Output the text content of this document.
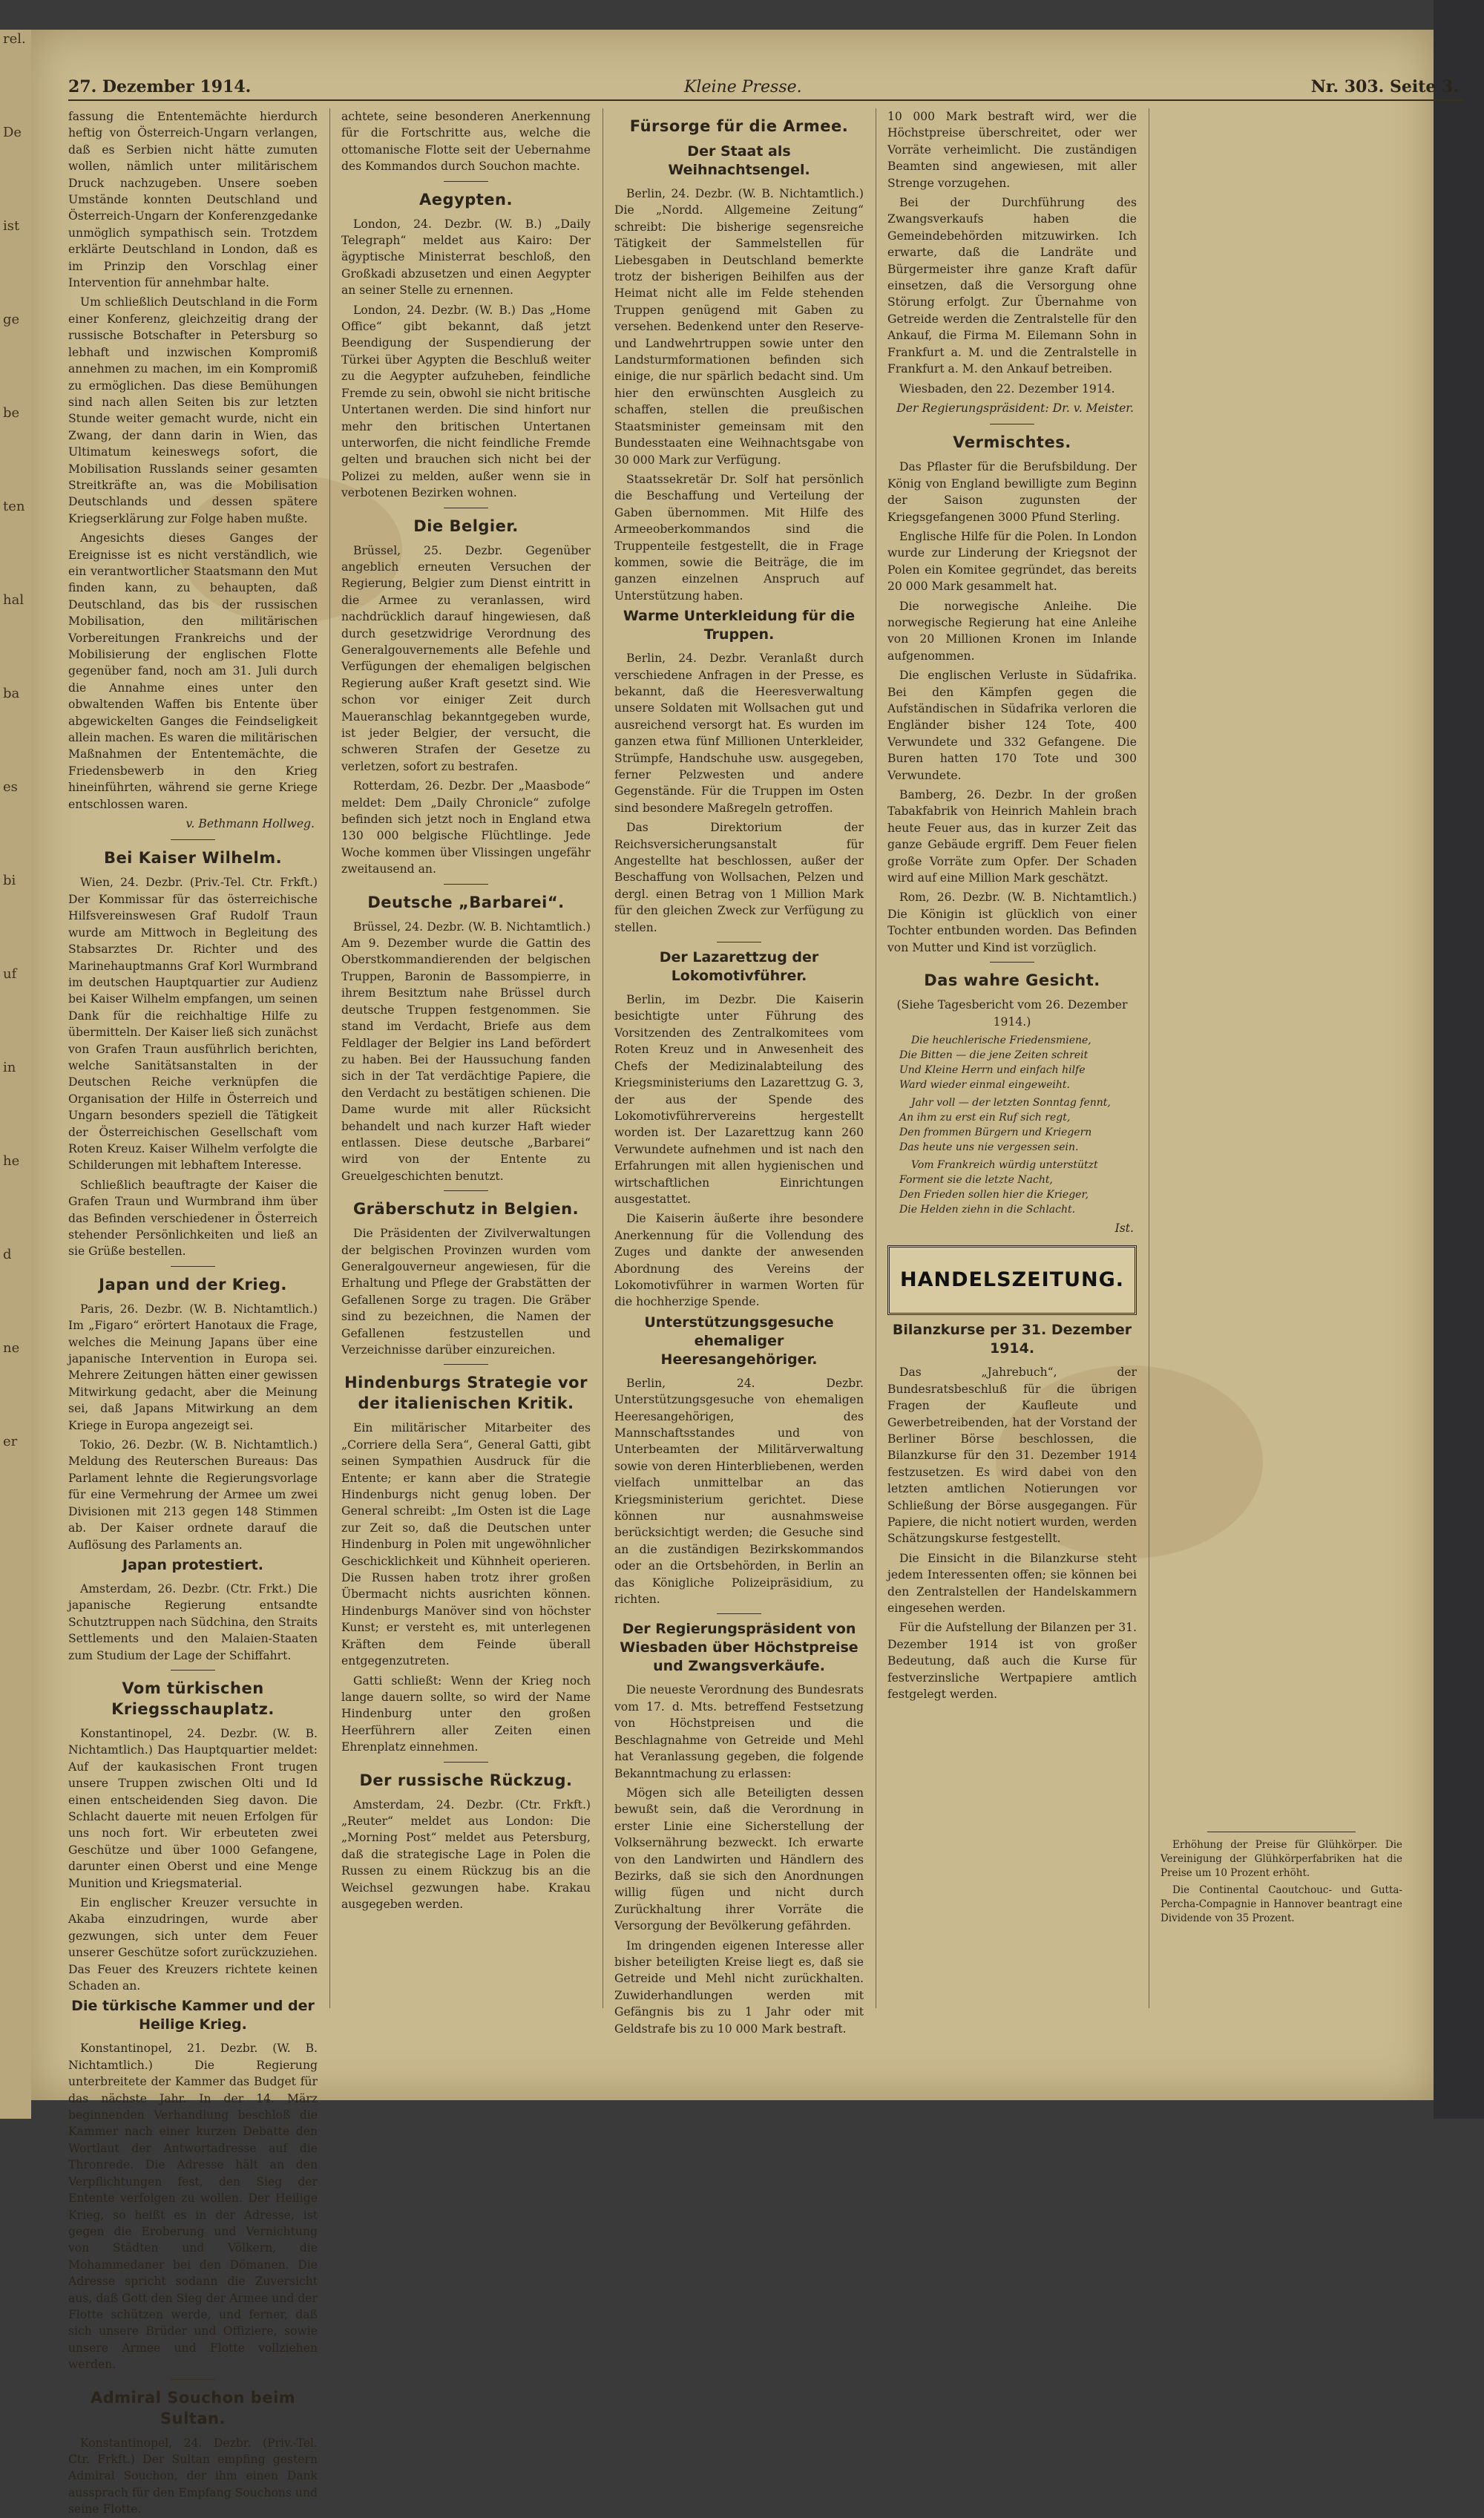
rel.
De
ist
ge
be
ten
hal
ba
es
bi
uf
in
he
d
ne
er
27. Dezember 1914.	Kleine Presse.	Nr. 303. Seite 3.

fassung die Ententemächte hierdurch heftig von Österreich-Ungarn verlangen, daß es Serbien nicht hätte zumuten wollen, nämlich unter militärischem Druck nachzugeben. Unsere soeben Umstände konnten Deutschland und Österreich-Ungarn der Konferenzgedanke unmöglich sympathisch sein. Trotzdem erklärte Deutschland in London, daß es im Prinzip den Vorschlag einer Intervention für annehmbar halte.

Um schließlich Deutschland in die Form einer Konferenz, gleichzeitig drang der russische Botschafter in Petersburg so lebhaft und inzwischen Kompromiß annehmen zu machen, im ein Kompromiß zu ermöglichen. Das diese Bemühungen sind nach allen Seiten bis zur letzten Stunde weiter gemacht wurde, nicht ein Zwang, der dann darin in Wien, das Ultimatum keineswegs sofort, die Mobilisation Russlands seiner gesamten Streitkräfte an, was die Mobilisation Deutschlands und dessen spätere Kriegserklärung zur Folge haben mußte.

Angesichts dieses Ganges der Ereignisse ist es nicht verständlich, wie ein verantwortlicher Staatsmann den Mut finden kann, zu behaupten, daß Deutschland, das bis der russischen Mobilisation, den militärischen Vorbereitungen Frankreichs und der Mobilisierung der englischen Flotte gegenüber fand, noch am 31. Juli durch die Annahme eines unter den obwaltenden Waffen bis Entente über abgewickelten Ganges die Feindseligkeit allein machen. Es waren die militärischen Maßnahmen der Ententemächte, die Friedensbewerb in den Krieg hineinführten, während sie gerne Kriege entschlossen waren.

v. Bethmann Hollweg.
Bei Kaiser Wilhelm.

Wien, 24. Dezbr. (Priv.-Tel. Ctr. Frkft.) Der Kommissar für das österreichische Hilfsvereinswesen Graf Rudolf Traun wurde am Mittwoch in Begleitung des Stabsarztes Dr. Richter und des Marinehauptmanns Graf Korl Wurmbrand im deutschen Hauptquartier zur Audienz bei Kaiser Wilhelm empfangen, um seinen Dank für die reichhaltige Hilfe zu übermitteln. Der Kaiser ließ sich zunächst von Grafen Traun ausführlich berichten, welche Sanitätsanstalten in der Deutschen Reiche verknüpfen die Organisation der Hilfe in Österreich und Ungarn besonders speziell die Tätigkeit der Österreichischen Gesellschaft vom Roten Kreuz. Kaiser Wilhelm verfolgte die Schilderungen mit lebhaftem Interesse.

Schließlich beauftragte der Kaiser die Grafen Traun und Wurmbrand ihm über das Befinden verschiedener in Österreich stehender Persönlichkeiten und ließ an sie Grüße bestellen.

Japan und der Krieg.

Paris, 26. Dezbr. (W. B. Nichtamtlich.) Im „Figaro“ erörtert Hanotaux die Frage, welches die Meinung Japans über eine japanische Intervention in Europa sei. Mehrere Zeitungen hätten einer gewissen Mitwirkung gedacht, aber die Meinung sei, daß Japans Mitwirkung an dem Kriege in Europa angezeigt sei.

Tokio, 26. Dezbr. (W. B. Nichtamtlich.) Meldung des Reuterschen Bureaus: Das Parlament lehnte die Regierungsvorlage für eine Vermehrung der Armee um zwei Divisionen mit 213 gegen 148 Stimmen ab. Der Kaiser ordnete darauf die Auflösung des Parlaments an.

Japan protestiert.

Amsterdam, 26. Dezbr. (Ctr. Frkt.) Die japanische Regierung entsandte Schutztruppen nach Südchina, den Straits Settlements und den Malaien-Staaten zum Studium der Lage der Schiffahrt.

Vom türkischen Kriegsschauplatz.

Konstantinopel, 24. Dezbr. (W. B. Nichtamtlich.) Das Hauptquartier meldet: Auf der kaukasischen Front trugen unsere Truppen zwischen Olti und Id einen entscheidenden Sieg davon. Die Schlacht dauerte mit neuen Erfolgen für uns noch fort. Wir erbeuteten zwei Geschütze und über 1000 Gefangene, darunter einen Oberst und eine Menge Munition und Kriegsmaterial.

Ein englischer Kreuzer versuchte in Akaba einzudringen, wurde aber gezwungen, sich unter dem Feuer unserer Geschütze sofort zurückzuziehen. Das Feuer des Kreuzers richtete keinen Schaden an.

Die türkische Kammer und der Heilige Krieg.

Konstantinopel, 21. Dezbr. (W. B. Nichtamtlich.) Die Regierung unterbreitete der Kammer das Budget für das nächste Jahr. In der 14. März beginnenden Verhandlung beschloß die Kammer nach einer kurzen Debatte den Wortlaut der Antwortadresse auf die Thronrede. Die Adresse hält an den Verpflichtungen fest, den Sieg der Entente verfolgen zu wollen. Der Heilige Krieg, so heißt es in der Adresse, ist gegen die Eroberung und Vernichtung von Städten und Völkern, die Mohammedaner bei den Dömanen. Die Adresse spricht sodann die Zuversicht aus, daß Gott den Sieg der Armee und der Flotte schützen werde, und ferner, daß sich unsere Brüder und Offiziere, sowie unsere Armee und Flotte vollziehen werden.

Admiral Souchon beim Sultan.

Konstantinopel, 24. Dezbr. (Priv.-Tel. Ctr. Frkft.) Der Sultan empfing gestern Admiral Souchon, der ihm einen Dank aussprach für den Empfang Souchons und seine Flotte.

achtete, seine besonderen Anerkennung für die Fortschritte aus, welche die ottomanische Flotte seit der Uebernahme des Kommandos durch Souchon machte.

Aegypten.

London, 24. Dezbr. (W. B.) „Daily Telegraph“ meldet aus Kairo: Der ägyptische Ministerrat beschloß, den Großkadi abzusetzen und einen Aegypter an seiner Stelle zu ernennen.

London, 24. Dezbr. (W. B.) Das „Home Office“ gibt bekannt, daß jetzt Beendigung der Suspendierung der Türkei über Agypten die Beschluß weiter zu die Aegypter aufzuheben, feindliche Fremde zu sein, obwohl sie nicht britische Untertanen werden. Die sind hinfort nur mehr den britischen Untertanen unterworfen, die nicht feindliche Fremde gelten und brauchen sich nicht bei der Polizei zu melden, außer wenn sie in verbotenen Bezirken wohnen.

Die Belgier.

Brüssel, 25. Dezbr. Gegenüber angeblich erneuten Versuchen der Regierung, Belgier zum Dienst eintritt in die Armee zu veranlassen, wird nachdrücklich darauf hingewiesen, daß durch gesetzwidrige Verordnung des Generalgouvernements alle Befehle und Verfügungen der ehemaligen belgischen Regierung außer Kraft gesetzt sind. Wie schon vor einiger Zeit durch Maueranschlag bekanntgegeben wurde, ist jeder Belgier, der versucht, die schweren Strafen der Gesetze zu verletzen, sofort zu bestrafen.

Rotterdam, 26. Dezbr. Der „Maasbode“ meldet: Dem „Daily Chronicle“ zufolge befinden sich jetzt noch in England etwa 130 000 belgische Flüchtlinge. Jede Woche kommen über Vlissingen ungefähr zweitausend an.

Deutsche „Barbarei“.

Brüssel, 24. Dezbr. (W. B. Nichtamtlich.) Am 9. Dezember wurde die Gattin des Oberstkommandierenden der belgischen Truppen, Baronin de Bassompierre, in ihrem Besitztum nahe Brüssel durch deutsche Truppen festgenommen. Sie stand im Verdacht, Briefe aus dem Feldlager der Belgier ins Land befördert zu haben. Bei der Haussuchung fanden sich in der Tat verdächtige Papiere, die den Verdacht zu bestätigen schienen. Die Dame wurde mit aller Rücksicht behandelt und nach kurzer Haft wieder entlassen. Diese deutsche „Barbarei“ wird von der Entente zu Greuelgeschichten benutzt.

Gräberschutz in Belgien.

Die Präsidenten der Zivilverwaltungen der belgischen Provinzen wurden vom Generalgouverneur angewiesen, für die Erhaltung und Pflege der Grabstätten der Gefallenen Sorge zu tragen. Die Gräber sind zu bezeichnen, die Namen der Gefallenen festzustellen und Verzeichnisse darüber einzureichen.

Hindenburgs Strategie vor der italienischen Kritik.

Ein militärischer Mitarbeiter des „Corriere della Sera“, General Gatti, gibt seinen Sympathien Ausdruck für die Entente; er kann aber die Strategie Hindenburgs nicht genug loben. Der General schreibt: „Im Osten ist die Lage zur Zeit so, daß die Deutschen unter Hindenburg in Polen mit ungewöhnlicher Geschicklichkeit und Kühnheit operieren. Die Russen haben trotz ihrer großen Übermacht nichts ausrichten können. Hindenburgs Manöver sind von höchster Kunst; er versteht es, mit unterlegenen Kräften dem Feinde überall entgegenzutreten.

Gatti schließt: Wenn der Krieg noch lange dauern sollte, so wird der Name Hindenburg unter den großen Heerführern aller Zeiten einen Ehrenplatz einnehmen.

Der russische Rückzug.

Amsterdam, 24. Dezbr. (Ctr. Frkft.) „Reuter“ meldet aus London: Die „Morning Post“ meldet aus Petersburg, daß die strategische Lage in Polen die Russen zu einem Rückzug bis an die Weichsel gezwungen habe. Krakau ausgegeben werden.

Fürsorge für die Armee.
Der Staat als Weihnachtsengel.

Berlin, 24. Dezbr. (W. B. Nichtamtlich.) Die „Nordd. Allgemeine Zeitung“ schreibt: Die bisherige segensreiche Tätigkeit der Sammelstellen für Liebesgaben in Deutschland bemerkte trotz der bisherigen Beihilfen aus der Heimat nicht alle im Felde stehenden Truppen genügend mit Gaben zu versehen. Bedenkend unter den Reserve- und Landwehrtruppen sowie unter den Landsturmformationen befinden sich einige, die nur spärlich bedacht sind. Um hier den erwünschten Ausgleich zu schaffen, stellen die preußischen Staatsminister gemeinsam mit den Bundesstaaten eine Weihnachtsgabe von 30 000 Mark zur Verfügung.

Staatssekretär Dr. Solf hat persönlich die Beschaffung und Verteilung der Gaben übernommen. Mit Hilfe des Armeeoberkommandos sind die Truppenteile festgestellt, die in Frage kommen, sowie die Beiträge, die im ganzen einzelnen Anspruch auf Unterstützung haben.

Warme Unterkleidung für die Truppen.

Berlin, 24. Dezbr. Veranlaßt durch verschiedene Anfragen in der Presse, es bekannt, daß die Heeresverwaltung unsere Soldaten mit Wollsachen gut und ausreichend versorgt hat. Es wurden im ganzen etwa fünf Millionen Unterkleider, Strümpfe, Handschuhe usw. ausgegeben, ferner Pelzwesten und andere Gegenstände. Für die Truppen im Osten sind besondere Maßregeln getroffen.

Das Direktorium der Reichsversicherungsanstalt für Angestellte hat beschlossen, außer der Beschaffung von Wollsachen, Pelzen und dergl. einen Betrag von 1 Million Mark für den gleichen Zweck zur Verfügung zu stellen.

Der Lazarettzug der Lokomotivführer.

Berlin, im Dezbr. Die Kaiserin besichtigte unter Führung des Vorsitzenden des Zentralkomitees vom Roten Kreuz und in Anwesenheit des Chefs der Medizinalabteilung des Kriegsministeriums den Lazarettzug G. 3, der aus der Spende des Lokomotivführervereins hergestellt worden ist. Der Lazarettzug kann 260 Verwundete aufnehmen und ist nach den Erfahrungen mit allen hygienischen und wirtschaftlichen Einrichtungen ausgestattet.

Die Kaiserin äußerte ihre besondere Anerkennung für die Vollendung des Zuges und dankte der anwesenden Abordnung des Vereins der Lokomotivführer in warmen Worten für die hochherzige Spende.

Unterstützungsgesuche ehemaliger Heeresangehöriger.

Berlin, 24. Dezbr. Unterstützungsgesuche von ehemaligen Heeresangehörigen, des Mannschaftsstandes und von Unterbeamten der Militärverwaltung sowie von deren Hinterbliebenen, werden vielfach unmittelbar an das Kriegsministerium gerichtet. Diese können nur ausnahmsweise berücksichtigt werden; die Gesuche sind an die zuständigen Bezirkskommandos oder an die Ortsbehörden, in Berlin an das Königliche Polizeipräsidium, zu richten.

Der Regierungspräsident von Wiesbaden über Höchstpreise und Zwangsverkäufe.

Die neueste Verordnung des Bundesrats vom 17. d. Mts. betreffend Festsetzung von Höchstpreisen und die Beschlagnahme von Getreide und Mehl hat Veranlassung gegeben, die folgende Bekanntmachung zu erlassen:

Mögen sich alle Beteiligten dessen bewußt sein, daß die Verordnung in erster Linie eine Sicherstellung der Volksernährung bezweckt. Ich erwarte von den Landwirten und Händlern des Bezirks, daß sie sich den Anordnungen willig fügen und nicht durch Zurückhaltung ihrer Vorräte die Versorgung der Bevölkerung gefährden.

Im dringenden eigenen Interesse aller bisher beteiligten Kreise liegt es, daß sie Getreide und Mehl nicht zurückhalten. Zuwiderhandlungen werden mit Gefängnis bis zu 1 Jahr oder mit Geldstrafe bis zu 10 000 Mark bestraft.

10 000 Mark bestraft wird, wer die Höchstpreise überschreitet, oder wer Vorräte verheimlicht. Die zuständigen Beamten sind angewiesen, mit aller Strenge vorzugehen.

Bei der Durchführung des Zwangsverkaufs haben die Gemeindebehörden mitzuwirken. Ich erwarte, daß die Landräte und Bürgermeister ihre ganze Kraft dafür einsetzen, daß die Versorgung ohne Störung erfolgt. Zur Übernahme von Getreide werden die Zentralstelle für den Ankauf, die Firma M. Eilemann Sohn in Frankfurt a. M. und die Zentralstelle in Frankfurt a. M. den Ankauf betreiben.

Wiesbaden, den 22. Dezember 1914.

Der Regierungspräsident: Dr. v. Meister.
Vermischtes.

Das Pflaster für die Berufsbildung. Der König von England bewilligte zum Beginn der Saison zugunsten der Kriegsgefangenen 3000 Pfund Sterling.

Englische Hilfe für die Polen. In London wurde zur Linderung der Kriegsnot der Polen ein Komitee gegründet, das bereits 20 000 Mark gesammelt hat.

Die norwegische Anleihe. Die norwegische Regierung hat eine Anleihe von 20 Millionen Kronen im Inlande aufgenommen.

Die englischen Verluste in Südafrika. Bei den Kämpfen gegen die Aufständischen in Südafrika verloren die Engländer bisher 124 Tote, 400 Verwundete und 332 Gefangene. Die Buren hatten 170 Tote und 300 Verwundete.

Bamberg, 26. Dezbr. In der großen Tabakfabrik von Heinrich Mahlein brach heute Feuer aus, das in kurzer Zeit das ganze Gebäude ergriff. Dem Feuer fielen große Vorräte zum Opfer. Der Schaden wird auf eine Million Mark geschätzt.

Rom, 26. Dezbr. (W. B. Nichtamtlich.) Die Königin ist glücklich von einer Tochter entbunden worden. Das Befinden von Mutter und Kind ist vorzüglich.

Das wahre Gesicht.

(Siehe Tagesbericht vom 26. Dezember 1914.)

Die heuchlerische Friedensmiene,
Die Bitten — die jene Zeiten schreit
Und Kleine Herrn und einfach hilfe
Ward wieder einmal eingeweiht.

Jahr voll — der letzten Sonntag fennt,
An ihm zu erst ein Ruf sich regt,
Den frommen Bürgern und Kriegern
Das heute uns nie vergessen sein.

Vom Frankreich würdig unterstützt
Forment sie die letzte Nacht,
Den Frieden sollen hier die Krieger,
Die Helden ziehn in die Schlacht.

Ist.
HANDELSZEITUNG.
Bilanzkurse per 31. Dezember 1914.

Das „Jahrebuch“, der Bundesratsbeschluß für die übrigen Fragen der Kaufleute und Gewerbetreibenden, hat der Vorstand der Berliner Börse beschlossen, die Bilanzkurse für den 31. Dezember 1914 festzusetzen. Es wird dabei von den letzten amtlichen Notierungen vor Schließung der Börse ausgegangen. Für Papiere, die nicht notiert wurden, werden Schätzungskurse festgestellt.

Die Einsicht in die Bilanzkurse steht jedem Interessenten offen; sie können bei den Zentralstellen der Handelskammern eingesehen werden.

Für die Aufstellung der Bilanzen per 31. Dezember 1914 ist von großer Bedeutung, daß auch die Kurse für festverzinsliche Wertpapiere amtlich festgelegt werden.

Erhöhung der Preise für Glühkörper. Die Vereinigung der Glühkörperfabriken hat die Preise um 10 Prozent erhöht.

Die Continental Caoutchouc- und Gutta-Percha-Compagnie in Hannover beantragt eine Dividende von 35 Prozent.
